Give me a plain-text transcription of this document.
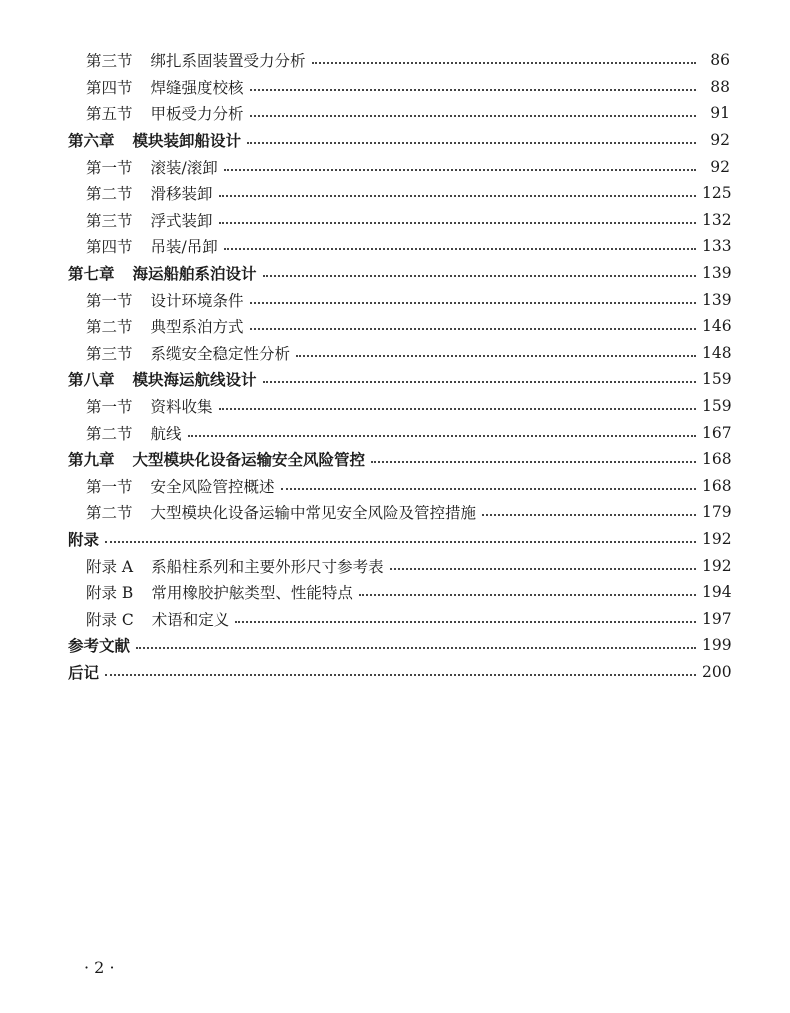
第三节 绑扎系固装置受力分析	86
第四节 焊缝强度校核	88
第五节 甲板受力分析	91
第六章 模块装卸船设计	92
第一节 滚装/滚卸	92
第二节 滑移装卸	125
第三节 浮式装卸	132
第四节 吊装/吊卸	133
第七章 海运船舶系泊设计	139
第一节 设计环境条件	139
第二节 典型系泊方式	146
第三节 系缆安全稳定性分析	148
第八章 模块海运航线设计	159
第一节 资料收集	159
第二节 航线	167
第九章 大型模块化设备运输安全风险管控	168
第一节 安全风险管控概述	168
第二节 大型模块化设备运输中常见安全风险及管控措施	179
附录	192
附录 A 系船柱系列和主要外形尺寸参考表	192
附录 B 常用橡胶护舷类型、性能特点	194
附录 C 术语和定义	197
参考文献	199
后记	200
· 2 ·
